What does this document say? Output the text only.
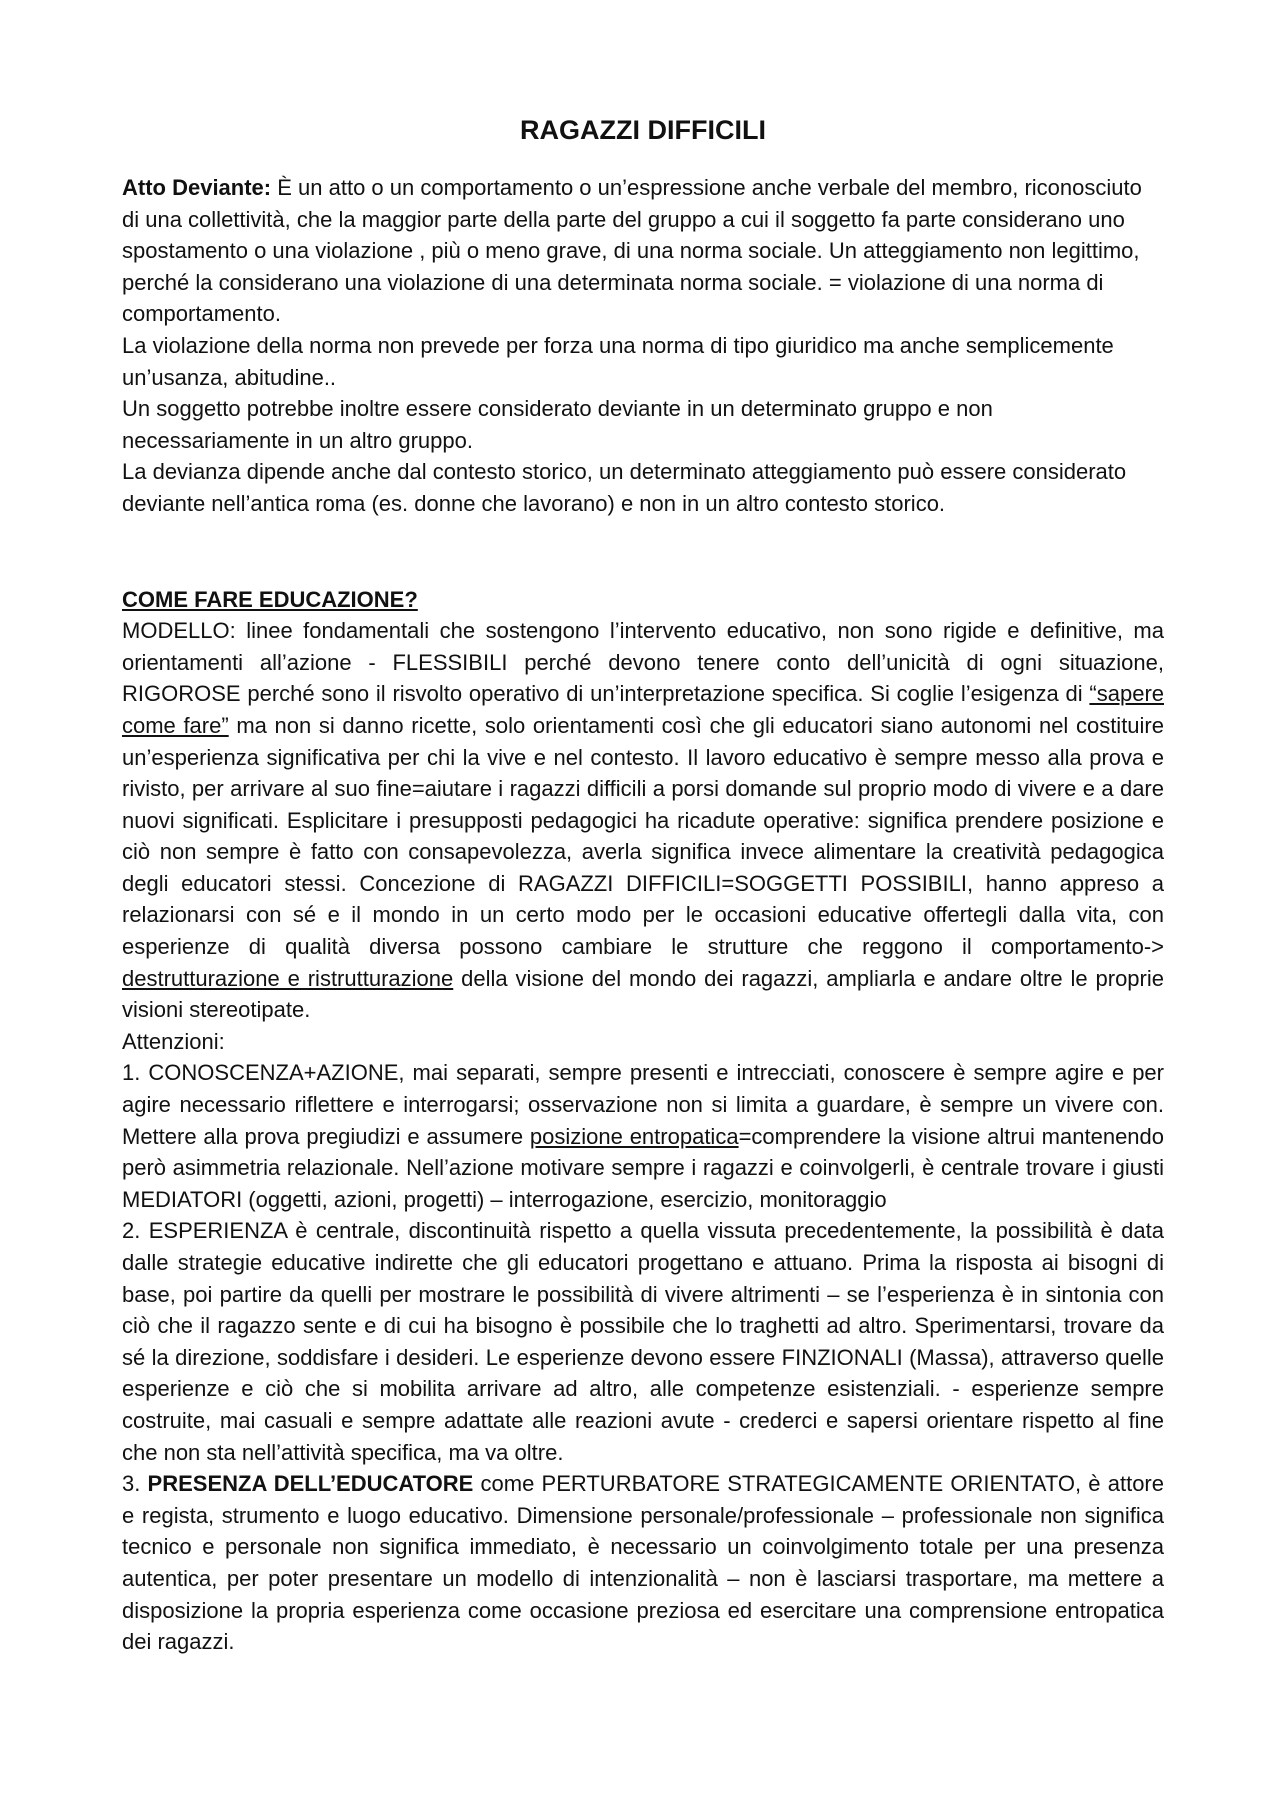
RAGAZZI DIFFICILI

Atto Deviante: È un atto o un comportamento o un’espressione anche verbale del membro, riconosciuto di una collettività, che la maggior parte della parte del gruppo a cui il soggetto fa parte considerano uno spostamento o una violazione , più o meno grave, di una norma sociale. Un atteggiamento non legittimo, perché la considerano una violazione di una determinata norma sociale. = violazione di una norma di comportamento.

La violazione della norma non prevede per forza una norma di tipo giuridico ma anche semplicemente un’usanza, abitudine..

Un soggetto potrebbe inoltre essere considerato deviante in un determinato gruppo e non necessariamente in un altro gruppo.

La devianza dipende anche dal contesto storico, un determinato atteggiamento può essere considerato deviante nell’antica roma (es. donne che lavorano) e non in un altro contesto storico.

COME FARE EDUCAZIONE?

MODELLO: linee fondamentali che sostengono l’intervento educativo, non sono rigide e definitive, ma orientamenti all’azione - FLESSIBILI perché devono tenere conto dell’unicità di ogni situazione, RIGOROSE perché sono il risvolto operativo di un’interpretazione specifica. Si coglie l’esigenza di “sapere come fare” ma non si danno ricette, solo orientamenti così che gli educatori siano autonomi nel costituire un’esperienza significativa per chi la vive e nel contesto. Il lavoro educativo è sempre messo alla prova e rivisto, per arrivare al suo fine=aiutare i ragazzi difficili a porsi domande sul proprio modo di vivere e a dare nuovi significati. Esplicitare i presupposti pedagogici ha ricadute operative: significa prendere posizione e ciò non sempre è fatto con consapevolezza, averla significa invece alimentare la creatività pedagogica degli educatori stessi. Concezione di RAGAZZI DIFFICILI=SOGGETTI POSSIBILI, hanno appreso a relazionarsi con sé e il mondo in un certo modo per le occasioni educative offertegli dalla vita, con esperienze di qualità diversa possono cambiare le strutture che reggono il comportamento-> destrutturazione e ristrutturazione della visione del mondo dei ragazzi, ampliarla e andare oltre le proprie visioni stereotipate.

Attenzioni:

1. CONOSCENZA+AZIONE, mai separati, sempre presenti e intrecciati, conoscere è sempre agire e per agire necessario riflettere e interrogarsi; osservazione non si limita a guardare, è sempre un vivere con. Mettere alla prova pregiudizi e assumere posizione entropatica=comprendere la visione altrui mantenendo però asimmetria relazionale. Nell’azione motivare sempre i ragazzi e coinvolgerli, è centrale trovare i giusti MEDIATORI (oggetti, azioni, progetti) – interrogazione, esercizio, monitoraggio

2. ESPERIENZA è centrale, discontinuità rispetto a quella vissuta precedentemente, la possibilità è data dalle strategie educative indirette che gli educatori progettano e attuano. Prima la risposta ai bisogni di base, poi partire da quelli per mostrare le possibilità di vivere altrimenti – se l’esperienza è in sintonia con ciò che il ragazzo sente e di cui ha bisogno è possibile che lo traghetti ad altro. Sperimentarsi, trovare da sé la direzione, soddisfare i desideri. Le esperienze devono essere FINZIONALI (Massa), attraverso quelle esperienze e ciò che si mobilita arrivare ad altro, alle competenze esistenziali. - esperienze sempre costruite, mai casuali e sempre adattate alle reazioni avute - crederci e sapersi orientare rispetto al fine che non sta nell’attività specifica, ma va oltre.

3. PRESENZA DELL’EDUCATORE come PERTURBATORE STRATEGICAMENTE ORIENTATO, è attore e regista, strumento e luogo educativo. Dimensione personale/professionale – professionale non significa tecnico e personale non significa immediato, è necessario un coinvolgimento totale per una presenza autentica, per poter presentare un modello di intenzionalità – non è lasciarsi trasportare, ma mettere a disposizione la propria esperienza come occasione preziosa ed esercitare una comprensione entropatica dei ragazzi.
